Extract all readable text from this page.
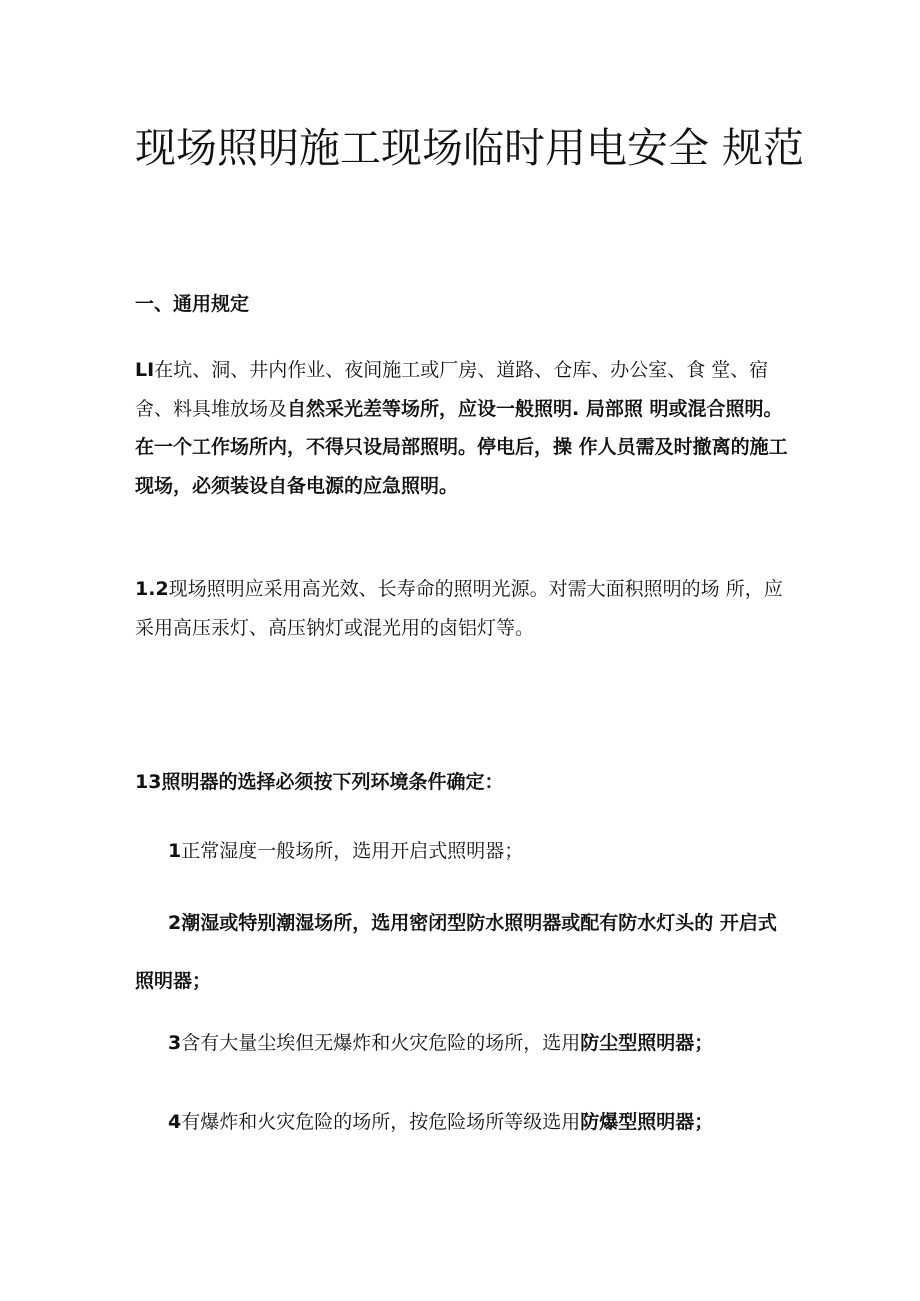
现场照明施工现场临时用电安全 规范

一、通用规定

LI在坑、洞、井内作业、夜间施工或厂房、道路、仓库、办公室、食 堂、宿舍、料具堆放场及自然采光差等场所，应设一般照明. 局部照 明或混合照明。在一个工作场所内，不得只设局部照明。停电后，操 作人员需及时撤离的施工现场，必须装设自备电源的应急照明。

1.2现场照明应采用高光效、长寿命的照明光源。对需大面积照明的场 所，应采用高压汞灯、高压钠灯或混光用的卤铝灯等。

13照明器的选择必须按下列环境条件确定：

1正常湿度一般场所，选用开启式照明器；

2潮湿或特别潮湿场所，选用密闭型防水照明器或配有防水灯头的 开启式照明器；

3含有大量尘埃但无爆炸和火灾危险的场所，选用防尘型照明器；

4有爆炸和火灾危险的场所，按危险场所等级选用防爆型照明器；
